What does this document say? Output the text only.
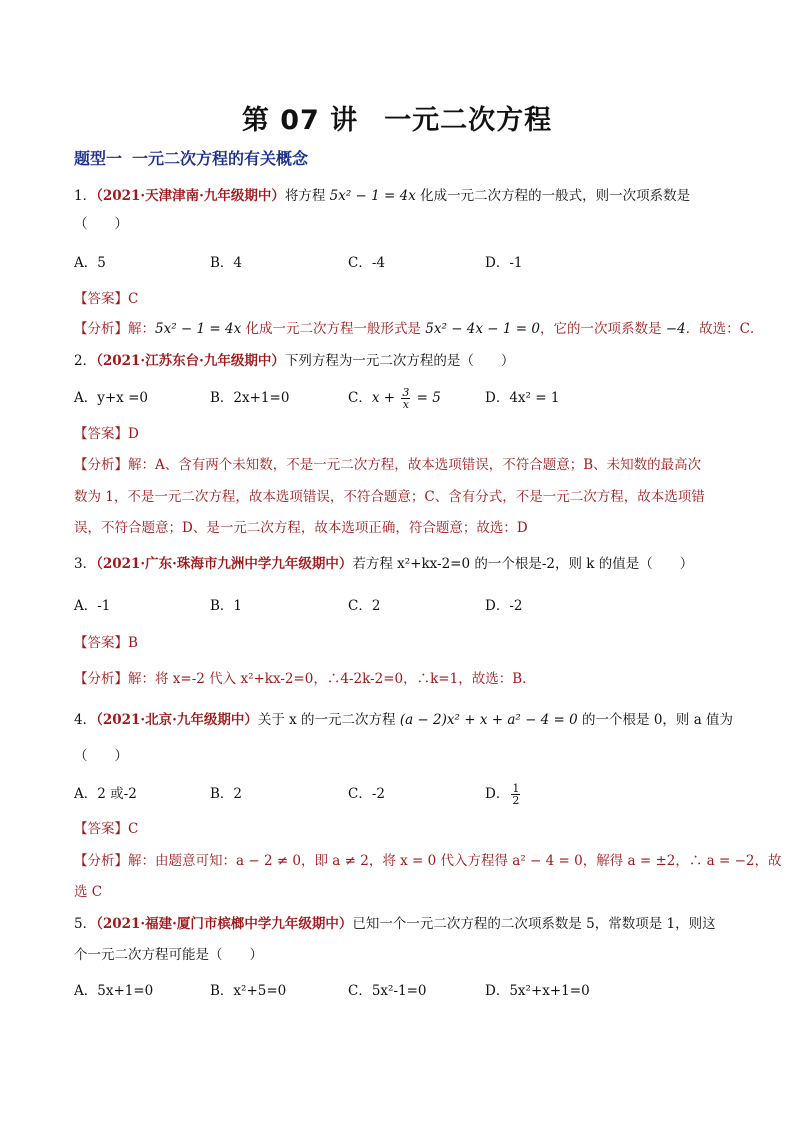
第 07 讲 一元二次方程
题型一 一元二次方程的有关概念
1．（2021·天津津南·九年级期中）将方程 5x² − 1 = 4x 化成一元二次方程的一般式，则一次项系数是
（　　）
A．5	B．4	C．-4	D．-1
【答案】C
【分析】解：5x² − 1 = 4x 化成一元二次方程一般形式是 5x² − 4x − 1 = 0，它的一次项系数是 −4．故选：C．
2．（2021·江苏东台·九年级期中）下列方程为一元二次方程的是（　　）
A．y+x =0	B．2x+1=0	C．$x + \frac{3}{x} = 5$	D．4x² = 1
【答案】D
【分析】解：A、含有两个未知数，不是一元二次方程，故本选项错误，不符合题意；B、未知数的最高次
数为 1，不是一元二次方程，故本选项错误，不符合题意；C、含有分式，不是一元二次方程，故本选项错
误，不符合题意；D、是一元二次方程，故本选项正确，符合题意；故选：D
3．（2021·广东·珠海市九洲中学九年级期中）若方程 x²+kx-2=0 的一个根是-2，则 k 的值是（　　）
A．-1	B．1	C．2	D．-2
【答案】B
【分析】解：将 x=-2 代入 x²+kx-2=0，∴4-2k-2=0，∴k=1，故选：B．
4．（2021·北京·九年级期中）关于 x 的一元二次方程 (a − 2)x² + x + a² − 4 = 0 的一个根是 0，则 a 值为
（　　）
A．2 或-2	B．2	C．-2	D． $\frac{1}{2}$
【答案】C
【分析】解：由题意可知：a − 2 ≠ 0，即 a ≠ 2，将 x = 0 代入方程得 a² − 4 = 0，解得 a = ±2，∴ a = −2，故
选 C
5．（2021·福建·厦门市槟榔中学九年级期中）已知一个一元二次方程的二次项系数是 5，常数项是 1，则这
个一元二次方程可能是（　　）
A．5x+1=0	B．x²+5=0	C．5x²-1=0	D．5x²+x+1=0
